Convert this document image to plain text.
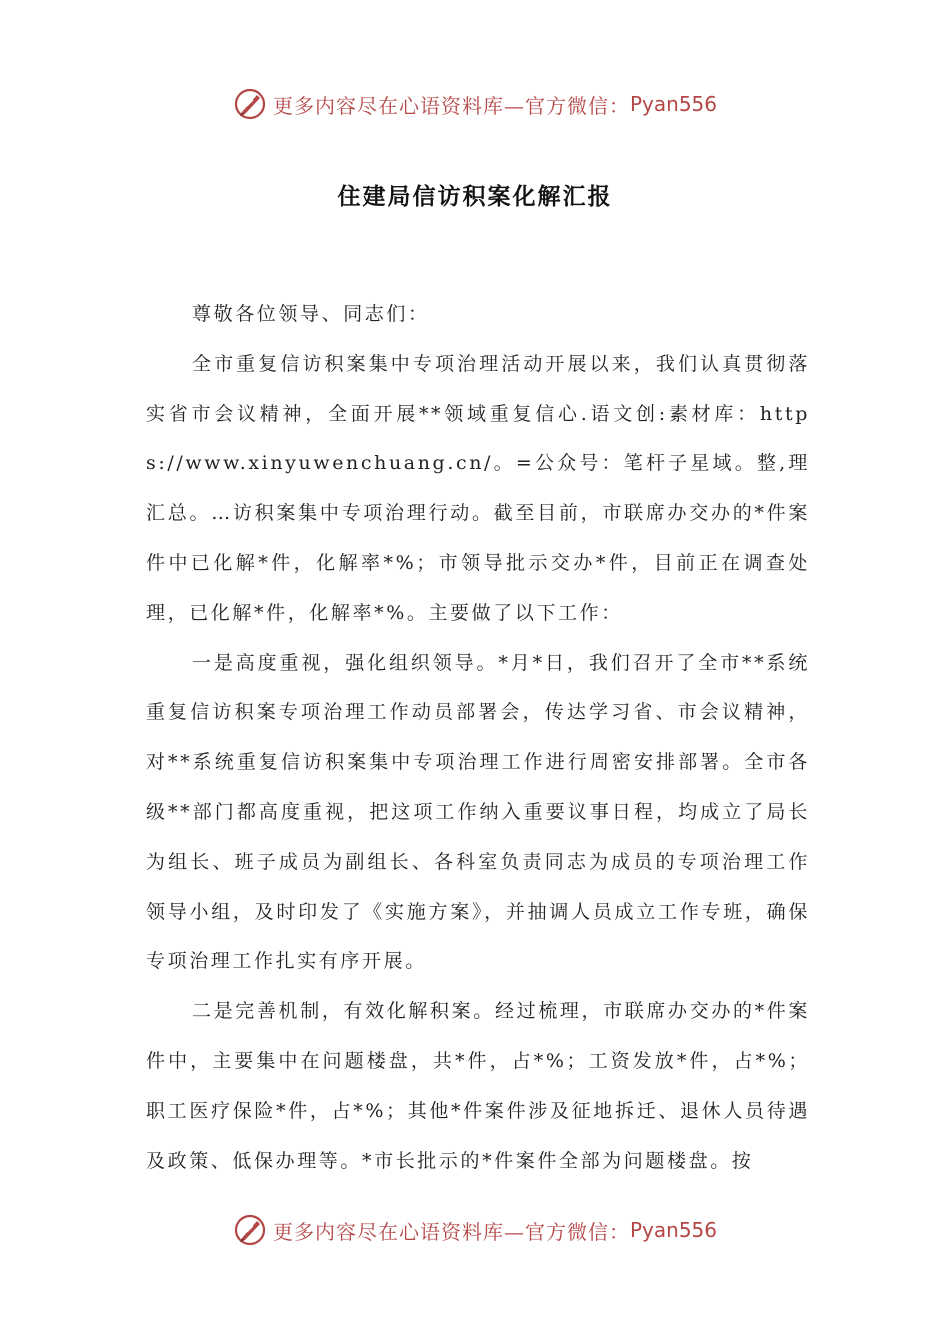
更多内容尽在心语资料库—官方微信： Pyan556
住建局信访积案化解汇报

尊敬各位领导、同志们：

全市重复信访积案集中专项治理活动开展以来，我们认真贯彻落实省市会议精神，全面开展**领域重复信心.语文创:素材库：https://www.xinyuwenchuang.cn/。=公众号：笔杆子星域。整,理汇总。…访积案集中专项治理行动。截至目前，市联席办交办的*件案件中已化解*件，化解率*%；市领导批示交办*件，目前正在调查处理，已化解*件，化解率*%。主要做了以下工作：

一是高度重视，强化组织领导。*月*日，我们召开了全市**系统重复信访积案专项治理工作动员部署会，传达学习省、市会议精神，对**系统重复信访积案集中专项治理工作进行周密安排部署。全市各级**部门都高度重视，把这项工作纳入重要议事日程，均成立了局长为组长、班子成员为副组长、各科室负责同志为成员的专项治理工作领导小组，及时印发了《实施方案》，并抽调人员成立工作专班，确保专项治理工作扎实有序开展。

二是完善机制，有效化解积案。经过梳理，市联席办交办的*件案件中，主要集中在问题楼盘，共*件，占*%；工资发放*件，占*%；职工医疗保险*件，占*%；其他*件案件涉及征地拆迁、退休人员待遇及政策、低保办理等。*市长批示的*件案件全部为问题楼盘。按

更多内容尽在心语资料库—官方微信： Pyan556
